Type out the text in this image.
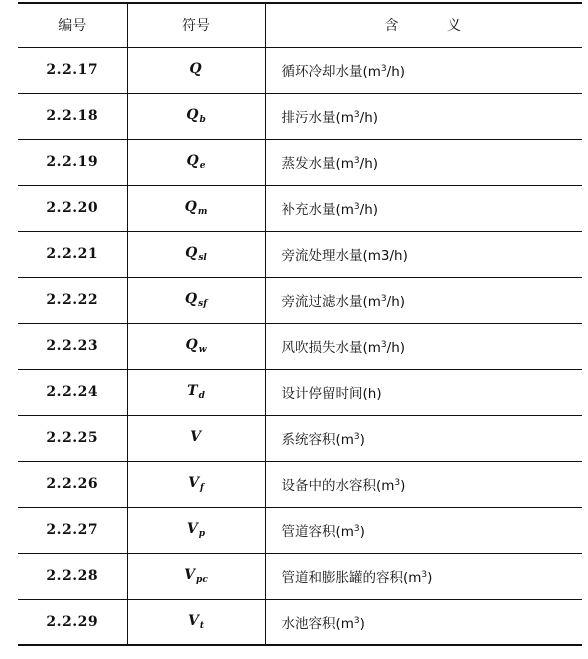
编号	符号	含 义
2.2.17	Q	循环冷却水量$(m^3/h)$
2.2.18	$Q_b$	排污水量$(m^3/h)$
2.2.19	$Q_e$	蒸发水量$(m^3/h)$
2.2.20	$Q_m$	补充水量$(m^3/h)$
2.2.21	$Q_{sl}$	旁流处理水量(m3/h)
2.2.22	$Q_{sf}$	旁流过滤水量$(m^3/h)$
2.2.23	$Q_w$	风吹损失水量$(m^3/h)$
2.2.24	$T_d$	设计停留时间(h)
2.2.25	V	系统容积$(m^3)$
2.2.26	$V_f$	设备中的水容积$(m^3)$
2.2.27	$V_p$	管道容积$(m^3)$
2.2.28	$V_{pc}$	管道和膨胀罐的容积$(m^3)$
2.2.29	$V_t$	水池容积$(m^3)$
